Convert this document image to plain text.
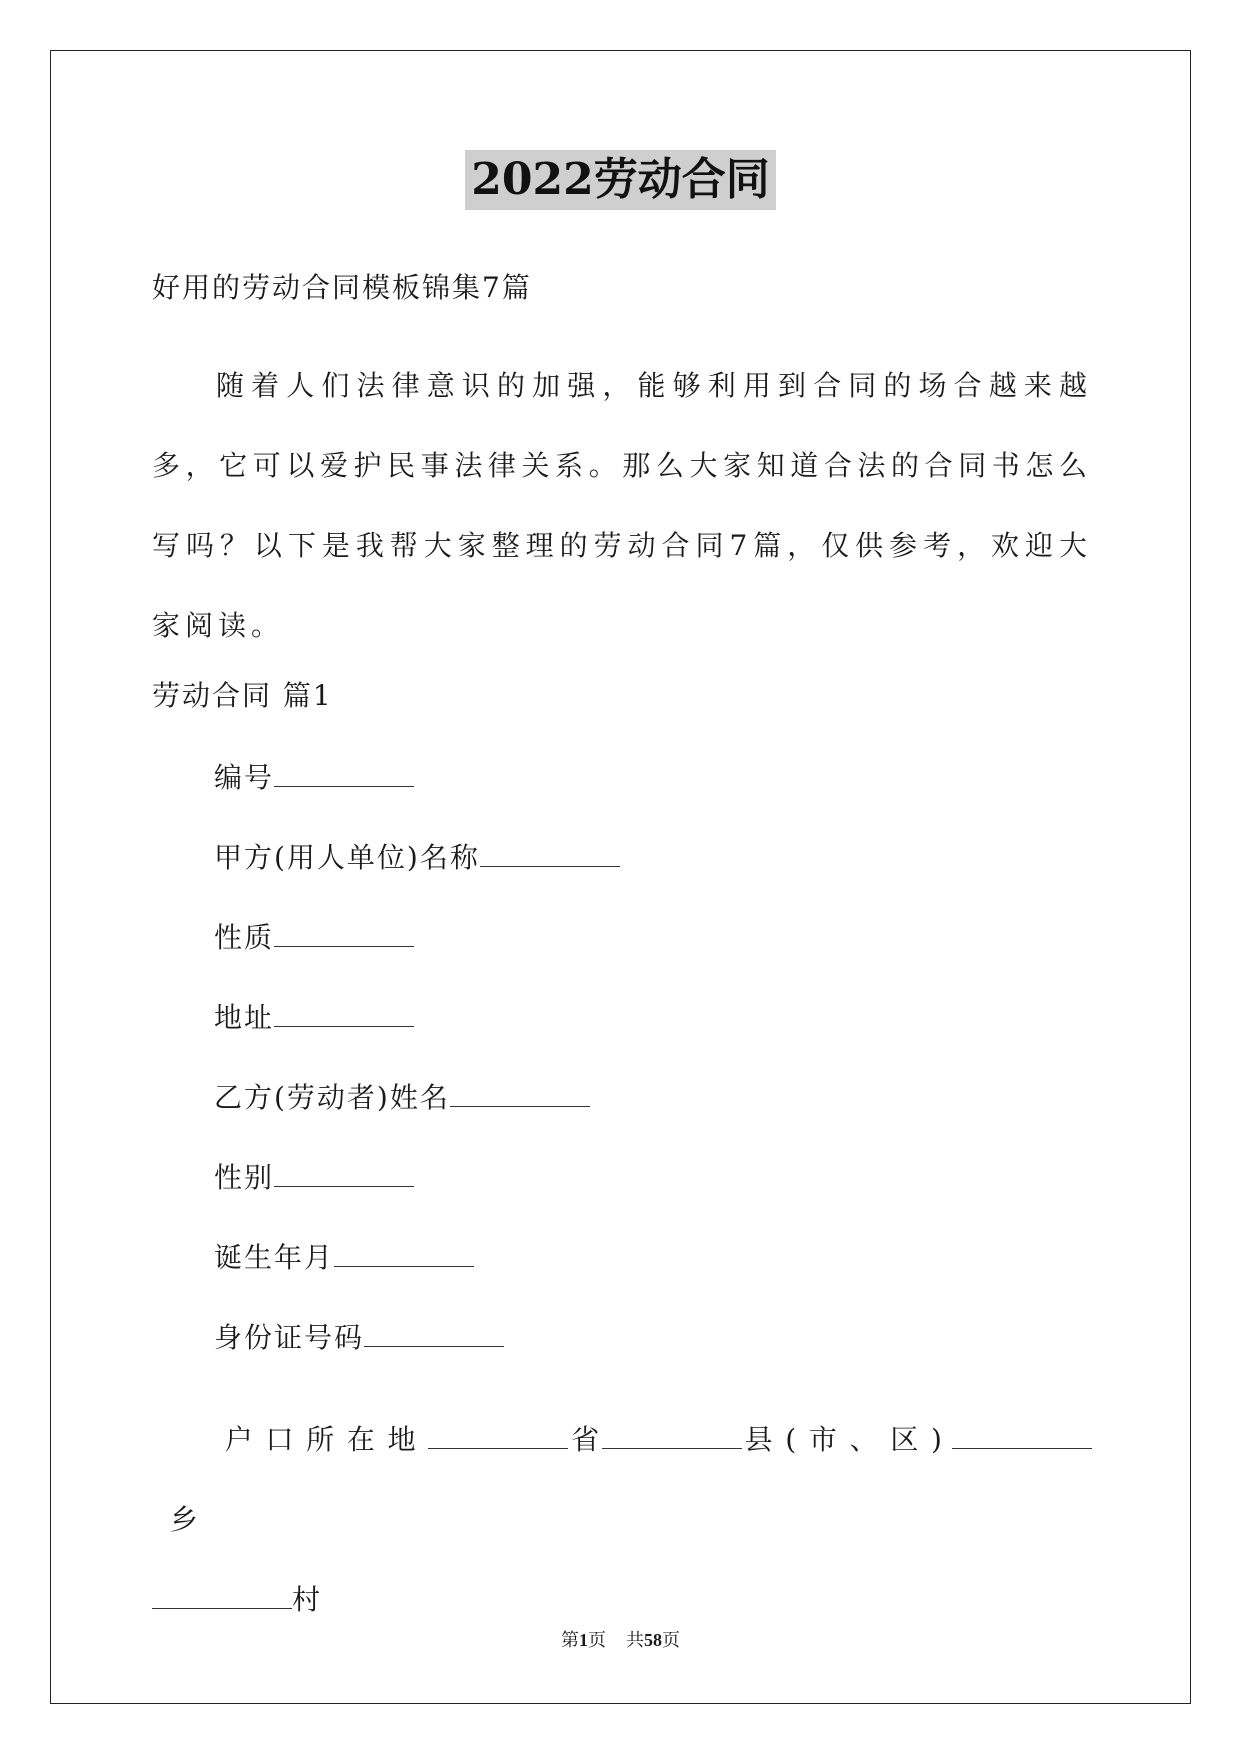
2022劳动合同
好用的劳动合同模板锦集7篇
随着人们法律意识的加强，能够利用到合同的场合越来越多，它可以爱护民事法律关系。那么大家知道合法的合同书怎么写吗？以下是我帮大家整理的劳动合同7篇，仅供参考，欢迎大家阅读。
劳动合同 篇1
编号
甲方(用人单位)名称
性质
地址
乙方(劳动者)姓名
性别
诞生年月
身份证号码
户口所在地	省	县(市、区)  乡
村
第1页 共58页
